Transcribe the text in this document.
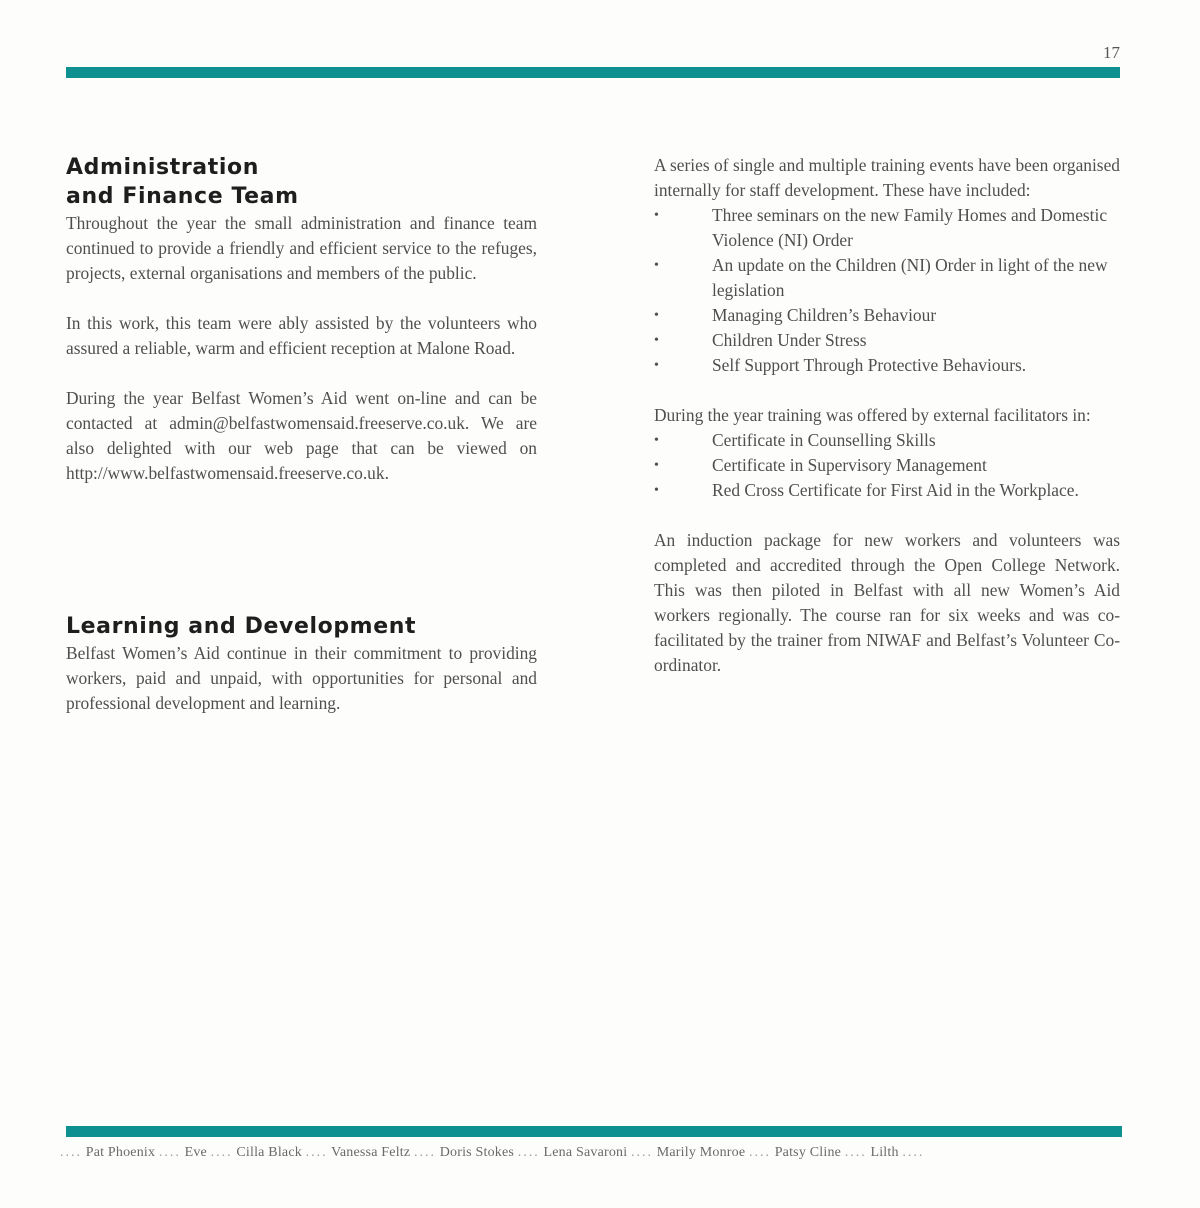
17
Administration
and Finance Team

Throughout the year the small administration and finance team continued to provide a friendly and efficient service to the refuges, projects, external organisations and members of the public.

In this work, this team were ably assisted by the volunteers who assured a reliable, warm and efficient reception at Malone Road.

During the year Belfast Women’s Aid went on-line and can be contacted at admin@belfastwomensaid.freeserve.co.uk. We are also delighted with our web page that can be viewed on http://www.belfastwomensaid.freeserve.co.uk.

Learning and Development

Belfast Women’s Aid continue in their commitment to providing workers, paid and unpaid, with opportunities for personal and professional development and learning.

A series of single and multiple training events have been organised internally for staff development. These have included:

•	Three seminars on the new Family Homes and Domestic Violence (NI) Order
•	An update on the Children (NI) Order in light of the new legislation
•	Managing Children’s Behaviour
•	Children Under Stress
•	Self Support Through Protective Behaviours.

During the year training was offered by external facilitators in:

•	Certificate in Counselling Skills
•	Certificate in Supervisory Management
•	Red Cross Certificate for First Aid in the Workplace.

An induction package for new workers and volunteers was completed and accredited through the Open College Network. This was then piloted in Belfast with all new Women’s Aid workers regionally. The course ran for six weeks and was co-facilitated by the trainer from NIWAF and Belfast’s Volunteer Co-ordinator.

.... Pat Phoenix .... Eve .... Cilla Black .... Vanessa Feltz .... Doris Stokes .... Lena Savaroni .... Marily Monroe .... Patsy Cline .... Lilth ....
